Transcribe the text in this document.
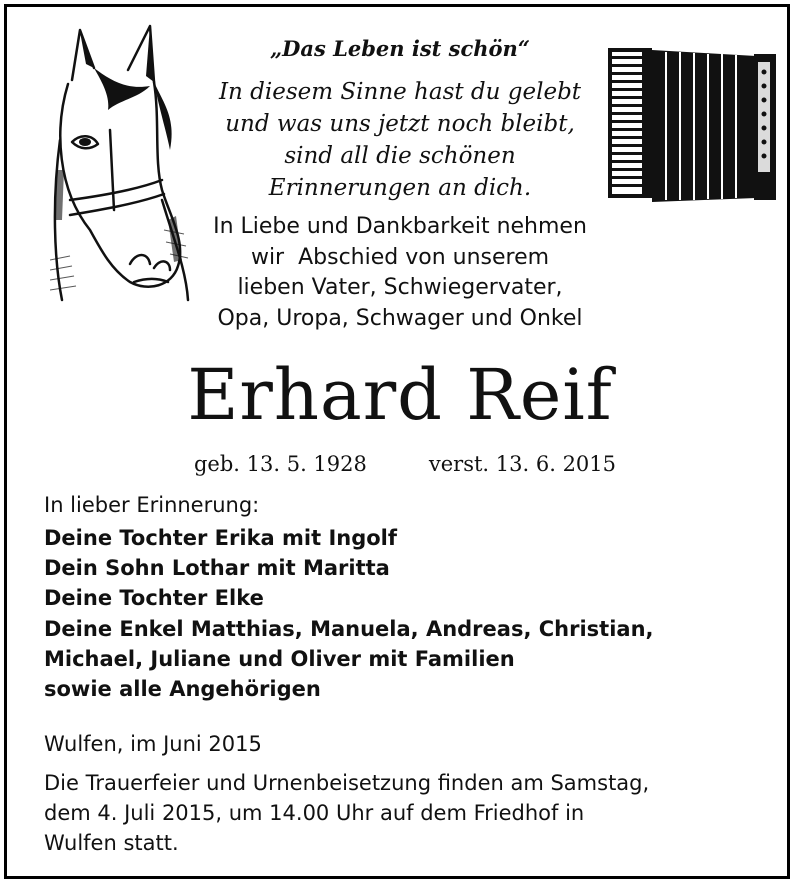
„Das Leben ist schön“
In diesem Sinne hast du gelebt
und was uns jetzt noch bleibt,
sind all die schönen
Erinnerungen an dich.
In Liebe und Dankbarkeit nehmen
wir  Abschied von unserem
lieben Vater, Schwiegervater,
Opa, Uropa, Schwager und Onkel
Erhard Reif
geb. 13. 5. 1928	verst. 13. 6. 2015
In lieber Erinnerung:
Deine Tochter Erika mit Ingolf
Dein Sohn Lothar mit Maritta
Deine Tochter Elke
Deine Enkel Matthias, Manuela, Andreas, Christian,
Michael, Juliane und Oliver mit Familien
sowie alle Angehörigen
Wulfen, im Juni 2015
Die Trauerfeier und Urnenbeisetzung finden am Samstag,
dem 4. Juli 2015, um 14.00 Uhr auf dem Friedhof in
Wulfen statt.
